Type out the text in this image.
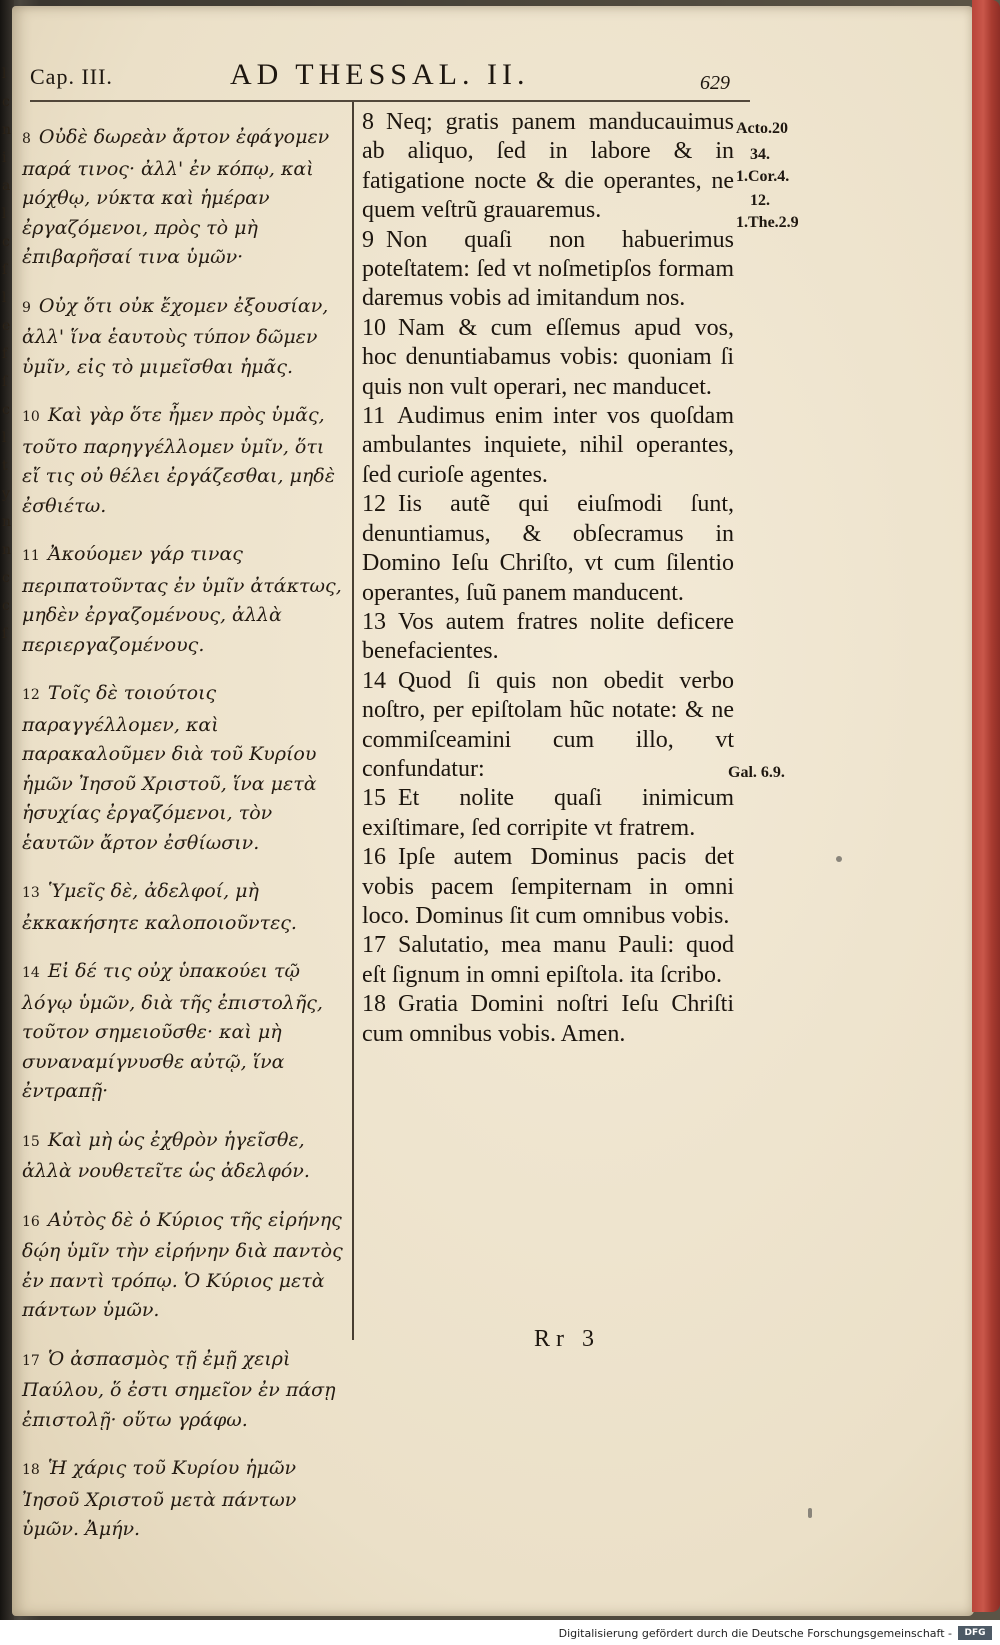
l
c
n
i
a
l
c
ſ
l
e
f
ſ
c
l
t
y
n
n
c
c
ſ
Cap. III.	AD THESSAL. II.	629

8 Οὐδὲ δωρεὰν ἄρτον ἐφάγομεν παρά τινος· ἀλλ' ἐν κόπῳ, καὶ μόχθῳ, νύκτα καὶ ἡμέραν ἐργαζόμενοι, πρὸς τὸ μὴ ἐπιβαρῆσαί τινα ὑμῶν·

9 Οὐχ ὅτι οὐκ ἔχομεν ἐξουσίαν, ἀλλ' ἵνα ἑαυτοὺς τύπον δῶμεν ὑμῖν, εἰς τὸ μιμεῖσθαι ἡμᾶς.

10 Καὶ γὰρ ὅτε ἦμεν πρὸς ὑμᾶς, τοῦτο παρηγγέλλομεν ὑμῖν, ὅτι εἴ τις οὐ θέλει ἐργάζεσθαι, μηδὲ ἐσθιέτω.

11 Ἀκούομεν γάρ τινας περιπατοῦντας ἐν ὑμῖν ἀτάκτως, μηδὲν ἐργαζομένους, ἀλλὰ περιεργαζομένους.

12 Τοῖς δὲ τοιούτοις παραγγέλλομεν, καὶ παρακαλοῦμεν διὰ τοῦ Κυρίου ἡμῶν Ἰησοῦ Χριστοῦ, ἵνα μετὰ ἡσυχίας ἐργαζόμενοι, τὸν ἑαυτῶν ἄρτον ἐσθίωσιν.

13 Ὑμεῖς δὲ, ἀδελφοί, μὴ ἐκκακήσητε καλοποιοῦντες.

14 Εἰ δέ τις οὐχ ὑπακούει τῷ λόγῳ ὑμῶν, διὰ τῆς ἐπιστολῆς, τοῦτον σημειοῦσθε· καὶ μὴ συναναμίγνυσθε αὐτῷ, ἵνα ἐντραπῇ·

15 Καὶ μὴ ὡς ἐχθρὸν ἡγεῖσθε, ἀλλὰ νουθετεῖτε ὡς ἀδελφόν.

16 Αὐτὸς δὲ ὁ Κύριος τῆς εἰρήνης δῴη ὑμῖν τὴν εἰρήνην διὰ παντὸς ἐν παντὶ τρόπῳ. Ὁ Κύριος μετὰ πάντων ὑμῶν.

17 Ὁ ἀσπασμὸς τῇ ἐμῇ χειρὶ Παύλου, ὅ ἐστι σημεῖον ἐν πάσῃ ἐπιστολῇ· οὕτω γράφω.

18 Ἡ χάρις τοῦ Κυρίου ἡμῶν Ἰησοῦ Χριστοῦ μετὰ πάντων ὑμῶν. Ἀμήν.

8 Neq; gratis panem manducauimus ab aliquo, ſed in labore & in fatigatione nocte & die operantes, ne quem veſtrũ grauaremus.

9 Non quaſi non habuerimus poteſtatem: ſed vt noſmetipſos formam daremus vobis ad imitandum nos.

10 Nam & cum eſſemus apud vos, hoc denuntiabamus vobis: quoniam ſi quis non vult operari, nec manducet.

11 Audimus enim inter vos quoſdam ambulantes inquiete, nihil operantes, ſed curioſe agentes.

12 Iis autẽ qui eiuſmodi ſunt, denuntiamus, & obſecramus in Domino Ieſu Chriſto, vt cum ſilentio operantes, ſuũ panem manducent.

13 Vos autem fratres nolite deficere benefacientes.

14 Quod ſi quis non obedit verbo noſtro, per epiſtolam hũc notate: & ne commiſceamini cum illo, vt confundatur:

15 Et nolite quaſi inimicum exiſtimare, ſed corripite vt fratrem.

16 Ipſe autem Dominus pacis det vobis pacem ſempiternam in omni loco. Dominus ſit cum omnibus vobis.

17 Salutatio, mea manu Pauli: quod eſt ſignum in omni epiſtola. ita ſcribo.

18 Gratia Domini noſtri Ieſu Chriſti cum omnibus vobis. Amen.

Acto.20
34.
1.Cor.4.
12.
1.The.2.9
Gal. 6.9.
Rr 3
Digitalisierung gefördert durch die Deutsche Forschungsgemeinschaft -	DFG
